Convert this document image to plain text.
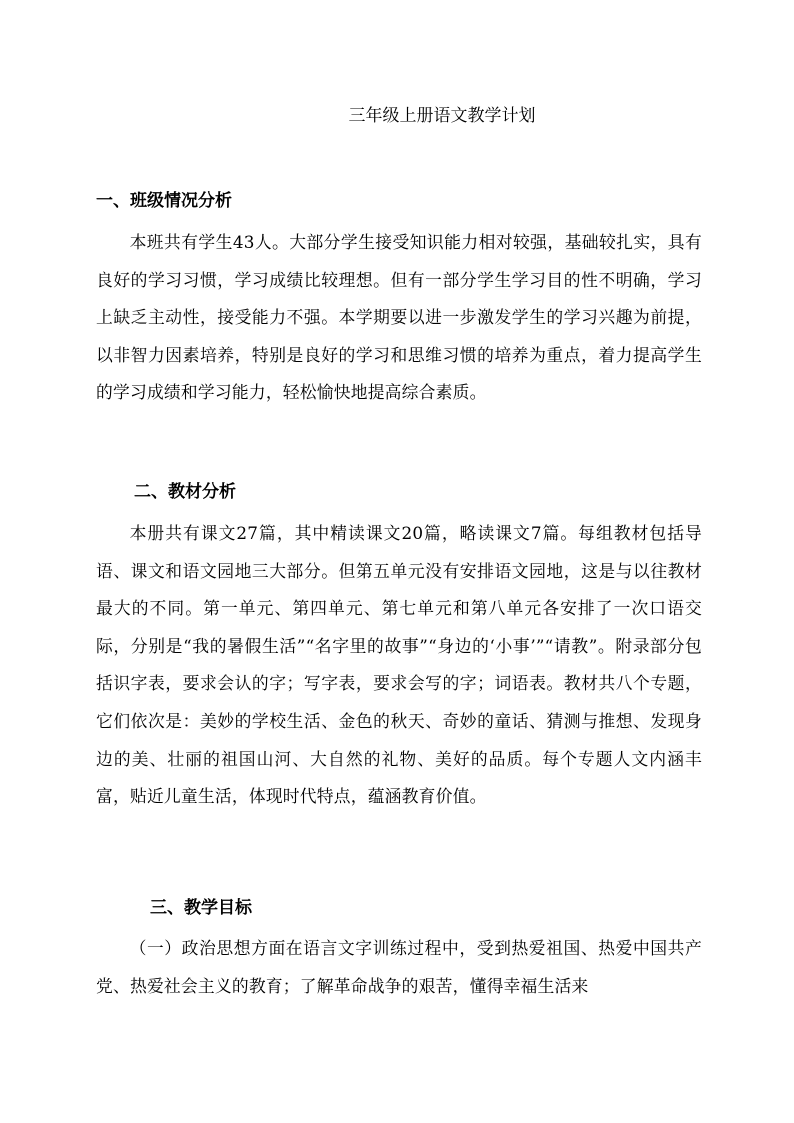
三年级上册语文教学计划
一、班级情况分析

本班共有学生43人。大部分学生接受知识能力相对较强，基础较扎实，具有良好的学习习惯，学习成绩比较理想。但有一部分学生学习目的性不明确，学习上缺乏主动性，接受能力不强。本学期要以进一步激发学生的学习兴趣为前提，以非智力因素培养，特别是良好的学习和思维习惯的培养为重点，着力提高学生的学习成绩和学习能力，轻松愉快地提高综合素质。

二、教材分析

本册共有课文27篇，其中精读课文20篇，略读课文7篇。每组教材包括导语、课文和语文园地三大部分。但第五单元没有安排语文园地，这是与以往教材最大的不同。第一单元、第四单元、第七单元和第八单元各安排了一次口语交际，分别是“我的暑假生活”“名字里的故事”“身边的‘小事’”“请教”。附录部分包括识字表，要求会认的字；写字表，要求会写的字；词语表。教材共八个专题，它们依次是：美妙的学校生活、金色的秋天、奇妙的童话、猜测与推想、发现身边的美、壮丽的祖国山河、大自然的礼物、美好的品质。每个专题人文内涵丰富，贴近儿童生活，体现时代特点，蕴涵教育价值。

三、教学目标

（一）政治思想方面在语言文字训练过程中，受到热爱祖国、热爱中国共产党、热爱社会主义的教育；了解革命战争的艰苦，懂得幸福生活来
